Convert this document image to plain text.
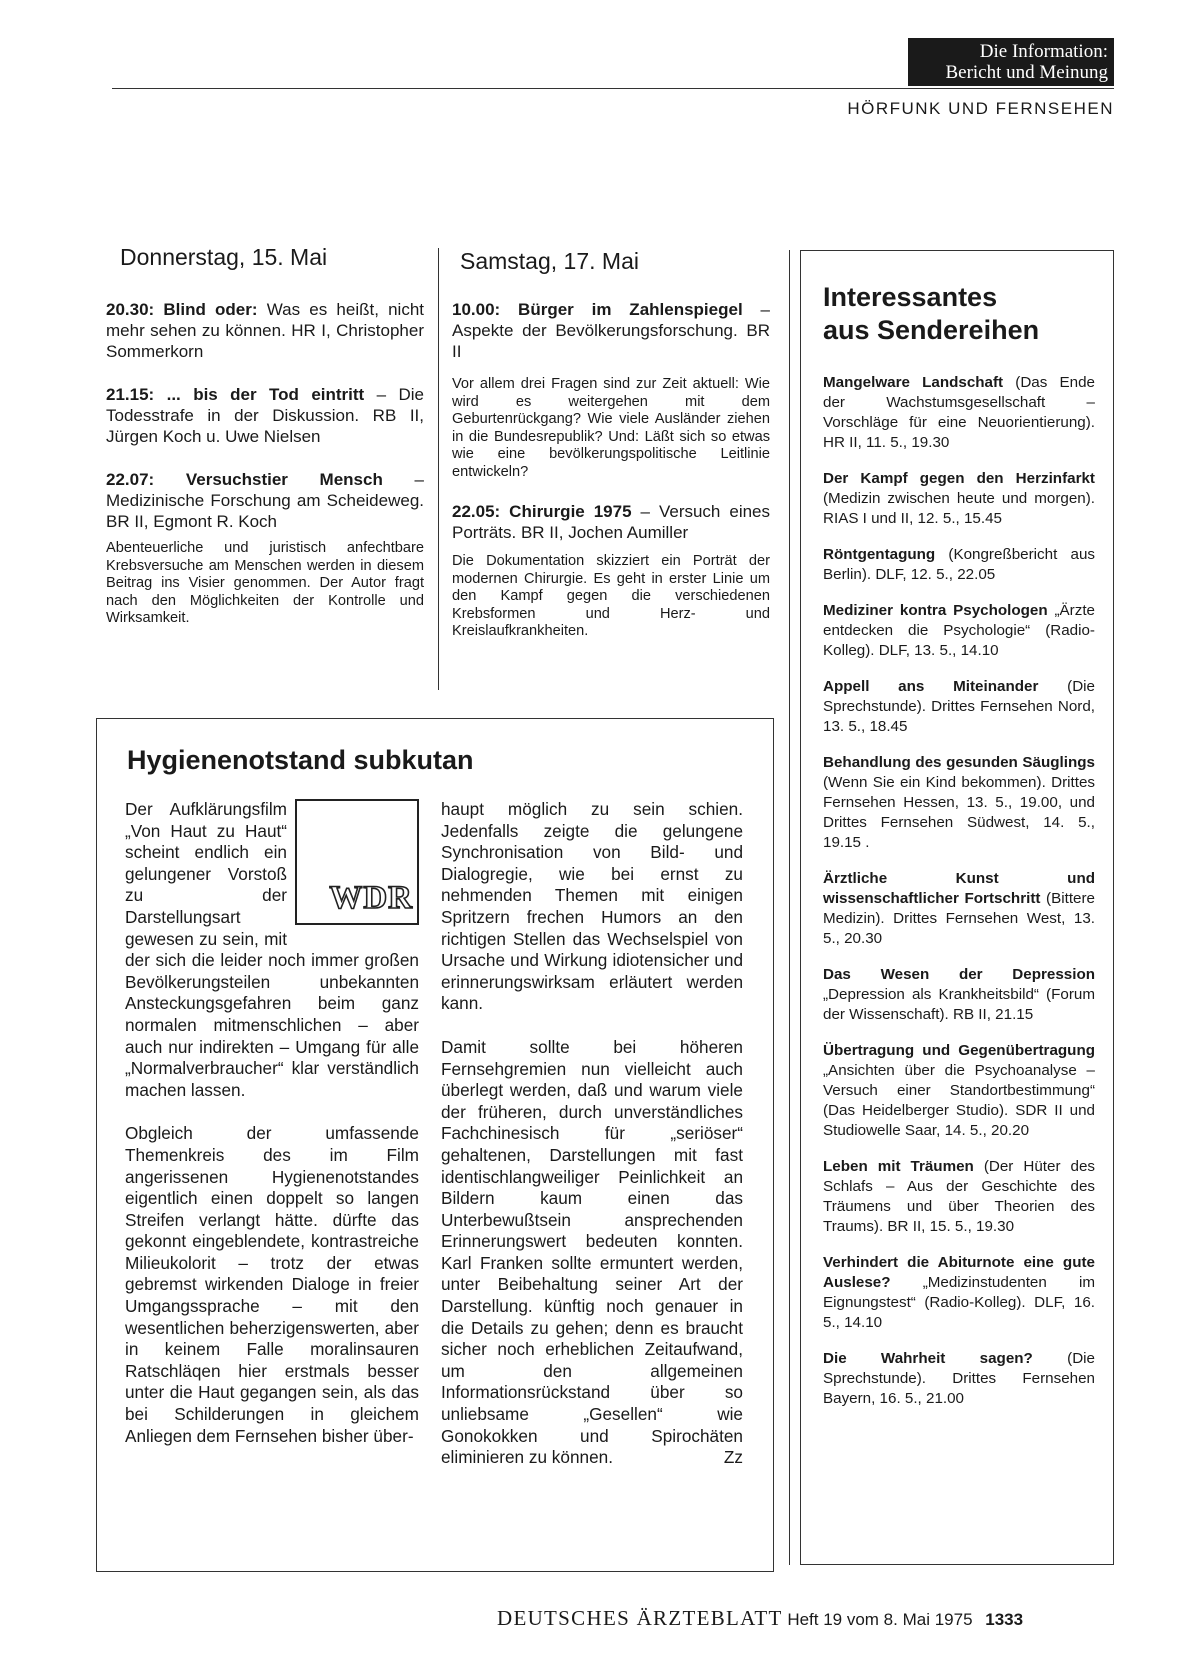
Die Information:
Bericht und Meinung
HÖRFUNK UND FERNSEHEN
Donnerstag, 15. Mai

20.30: Blind oder: Was es heißt, nicht mehr sehen zu können. HR I, Christopher Sommerkorn

21.15: ... bis der Tod eintritt – Die Todesstrafe in der Diskussion. RB II, Jürgen Koch u. Uwe Nielsen

22.07: Versuchstier Mensch – Medizinische Forschung am Scheideweg. BR II, Egmont R. Koch

Abenteuerliche und juristisch anfechtbare Krebsversuche am Menschen werden in diesem Beitrag ins Visier genommen. Der Autor fragt nach den Möglichkeiten der Kontrolle und Wirksamkeit.

Samstag, 17. Mai

10.00: Bürger im Zahlenspiegel – Aspekte der Bevölkerungsforschung. BR II

Vor allem drei Fragen sind zur Zeit aktuell: Wie wird es weitergehen mit dem Geburtenrückgang? Wie viele Ausländer ziehen in die Bundesrepublik? Und: Läßt sich so etwas wie eine bevölkerungspolitische Leitlinie entwickeln?

22.05: Chirurgie 1975 – Versuch eines Porträts. BR II, Jochen Aumiller

Die Dokumentation skizziert ein Porträt der modernen Chirurgie. Es geht in erster Linie um den Kampf gegen die verschiedenen Krebsformen und Herz- und Kreislaufkrankheiten.

Interessantes
aus Sendereihen

Mangelware Landschaft (Das Ende der Wachstumsgesellschaft – Vorschläge für eine Neuorientierung). HR II, 11. 5., 19.30

Der Kampf gegen den Herzinfarkt (Medizin zwischen heute und morgen). RIAS I und II, 12. 5., 15.45

Röntgentagung (Kongreßbericht aus Berlin). DLF, 12. 5., 22.05

Mediziner kontra Psychologen „Ärzte entdecken die Psychologie“ (Radio-Kolleg). DLF, 13. 5., 14.10

Appell ans Miteinander (Die Sprechstunde). Drittes Fernsehen Nord, 13. 5., 18.45

Behandlung des gesunden Säuglings (Wenn Sie ein Kind bekommen). Drittes Fernsehen Hessen, 13. 5., 19.00, und Drittes Fernsehen Südwest, 14. 5., 19.15 .

Ärztliche Kunst und wissenschaftlicher Fortschritt (Bittere Medizin). Drittes Fernsehen West, 13. 5., 20.30

Das Wesen der Depression „Depression als Krankheitsbild“ (Forum der Wissenschaft). RB II, 21.15

Übertragung und Gegenübertragung „Ansichten über die Psychoanalyse – Versuch einer Standortbestimmung“ (Das Heidelberger Studio). SDR II und Studiowelle Saar, 14. 5., 20.20

Leben mit Träumen (Der Hüter des Schlafs – Aus der Geschichte des Träumens und über Theorien des Traums). BR II, 15. 5., 19.30

Verhindert die Abiturnote eine gute Auslese? „Medizinstudenten im Eignungstest“ (Radio-Kolleg). DLF, 16. 5., 14.10

Die Wahrheit sagen? (Die Sprechstunde). Drittes Fernsehen Bayern, 16. 5., 21.00

Hygienenotstand subkutan
WDR

Der Aufklärungsfilm „Von Haut zu Haut“ scheint endlich ein gelungener Vorstoß zu der Darstellungsart gewesen zu sein, mit der sich die leider noch immer großen Bevölkerungsteilen unbekannten Ansteckungsgefahren beim ganz normalen mitmenschlichen – aber auch nur indirekten – Umgang für alle „Normalverbraucher“ klar verständlich machen lassen.

Obgleich der umfassende Themenkreis des im Film angerissenen Hygienenotstandes eigentlich einen doppelt so langen Streifen verlangt hätte. dürfte das gekonnt eingeblendete, kontrastreiche Milieukolorit – trotz der etwas gebremst wirkenden Dialoge in freier Umgangssprache – mit den wesentlichen beherzigenswerten, aber in keinem Falle moralinsauren Ratschläqen hier erstmals besser unter die Haut gegangen sein, als das bei Schilderungen in gleichem Anliegen dem Fernsehen bisher über-

haupt möglich zu sein schien. Jedenfalls zeigte die gelungene Synchronisation von Bild- und Dialogregie, wie bei ernst zu nehmenden Themen mit einigen Spritzern frechen Humors an den richtigen Stellen das Wechselspiel von Ursache und Wirkung idiotensicher und erinnerungswirksam erläutert werden kann.

Damit sollte bei höheren Fernsehgremien nun vielleicht auch überlegt werden, daß und warum viele der früheren, durch unverständliches Fachchinesisch für „seriöser“ gehaltenen, Darstellungen mit fast identischlangweiliger Peinlichkeit an Bildern kaum einen das Unterbewußtsein ansprechenden Erinnerungswert bedeuten konnten. Karl Franken sollte ermuntert werden, unter Beibehaltung seiner Art der Darstellung. künftig noch genauer in die Details zu gehen; denn es braucht sicher noch erheblichen Zeitaufwand, um den allgemeinen Informationsrückstand über so unliebsame „Gesellen“ wie Gonokokken und Spirochäten eliminieren zu können.	Zz

DEUTSCHES ÄRZTEBLATT Heft 19 vom 8. Mai 1975 1333
